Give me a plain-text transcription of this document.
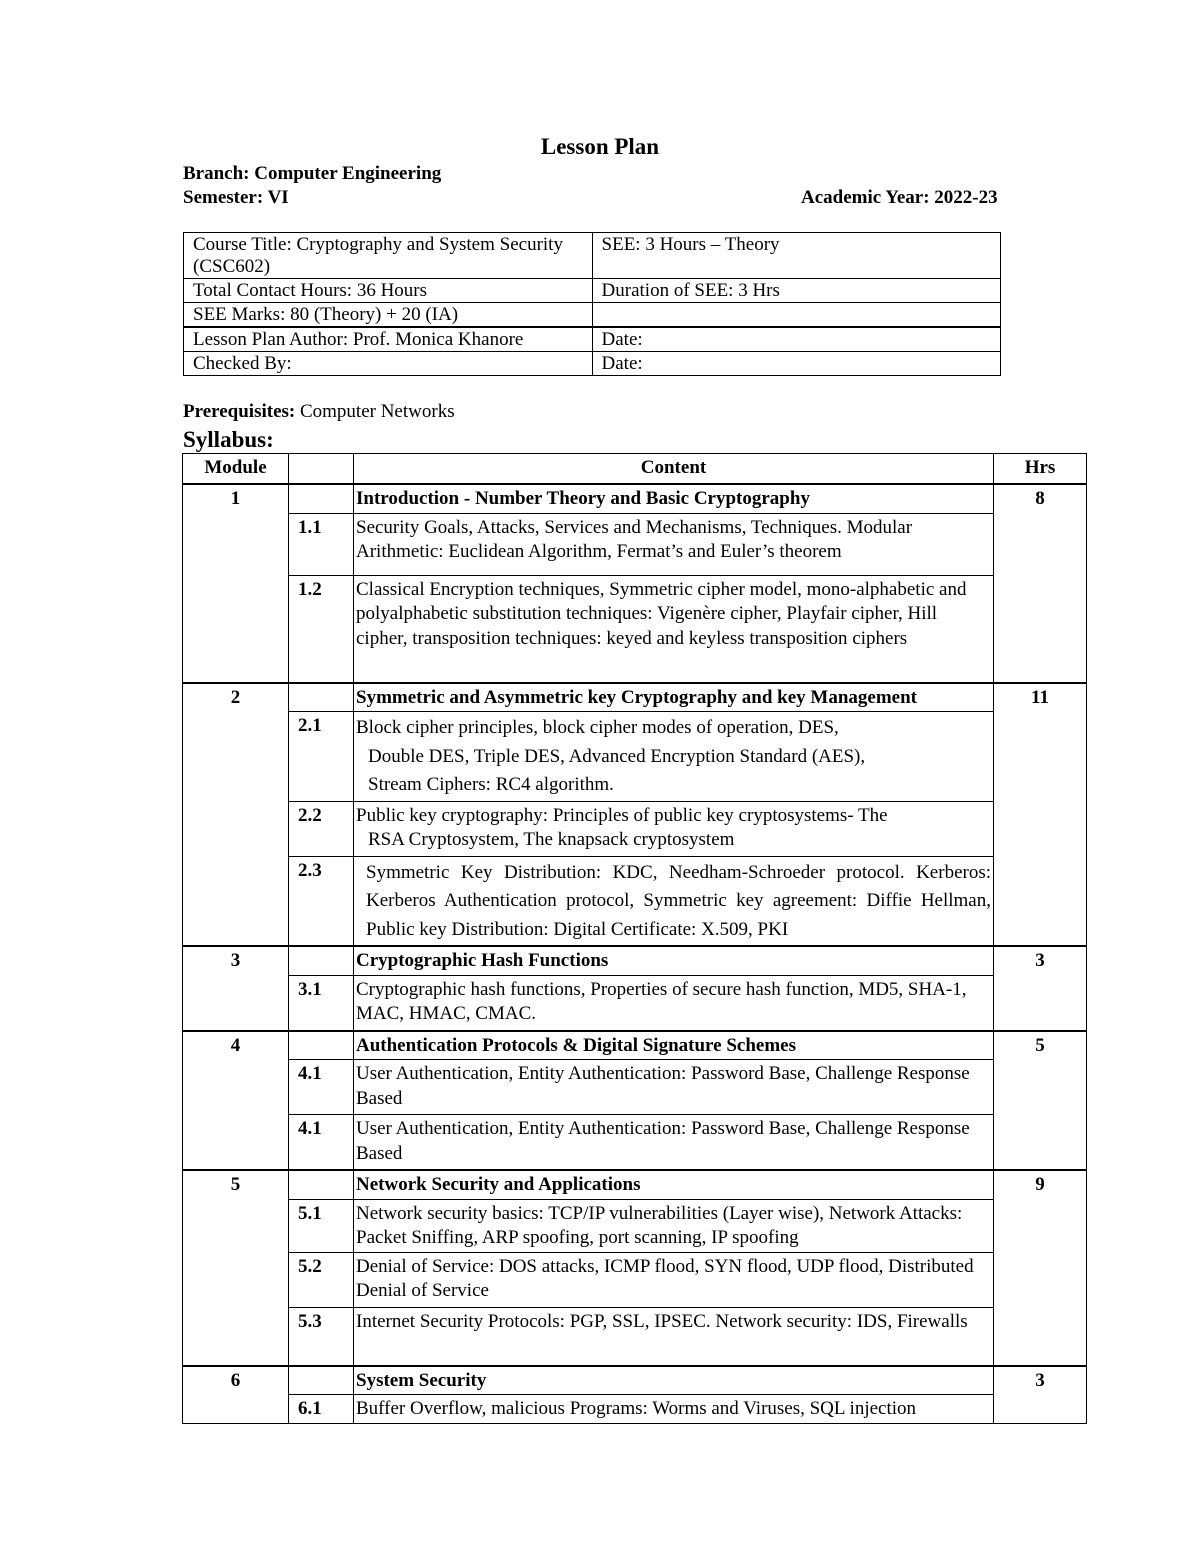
Lesson Plan
Branch: Computer Engineering
Semester: VI	Academic Year: 2022-23
Course Title: Cryptography and System Security (CSC602)	SEE: 3 Hours – Theory
Total Contact Hours: 36 Hours	Duration of SEE: 3 Hrs
SEE Marks: 80 (Theory) + 20 (IA)	
Lesson Plan Author: Prof. Monica Khanore	Date:
Checked By:	Date:
Prerequisites: Computer Networks
Syllabus:
Module		Content	Hrs
1		Introduction - Number Theory and Basic Cryptography	8
	1.1	Security Goals, Attacks, Services and Mechanisms, Techniques. Modular Arithmetic: Euclidean Algorithm, Fermat’s and Euler’s theorem	
	1.2	Classical Encryption techniques, Symmetric cipher model, mono-alphabetic and polyalphabetic substitution techniques: Vigenère cipher, Playfair cipher, Hill cipher, transposition techniques: keyed and keyless transposition ciphers	
2		Symmetric and Asymmetric key Cryptography and key Management	11
	2.1	Block cipher principles, block cipher modes of operation, DES,
Double DES, Triple DES, Advanced Encryption Standard (AES),
Stream Ciphers: RC4 algorithm.	

	2.2	Public key cryptography: Principles of public key cryptosystems- The
RSA Cryptosystem, The knapsack cryptosystem	

	2.3	Symmetric Key Distribution: KDC, Needham-Schroeder protocol. Kerberos: Kerberos Authentication protocol, Symmetric key agreement: Diffie Hellman, Public key Distribution: Digital Certificate: X.509, PKI	
3		Cryptographic Hash Functions	3
	3.1	Cryptographic hash functions, Properties of secure hash function, MD5, SHA-1, MAC, HMAC, CMAC.	
4		Authentication Protocols & Digital Signature Schemes	5
	4.1	User Authentication, Entity Authentication: Password Base, Challenge Response Based	
	4.1	User Authentication, Entity Authentication: Password Base, Challenge Response Based	
5		Network Security and Applications	9
	5.1	Network security basics: TCP/IP vulnerabilities (Layer wise), Network Attacks: Packet Sniffing, ARP spoofing, port scanning, IP spoofing	
	5.2	Denial of Service: DOS attacks, ICMP flood, SYN flood, UDP flood, Distributed Denial of Service	
	5.3	Internet Security Protocols: PGP, SSL, IPSEC. Network security: IDS, Firewalls	
6		System Security	3
	6.1	Buffer Overflow, malicious Programs: Worms and Viruses, SQL injection	
